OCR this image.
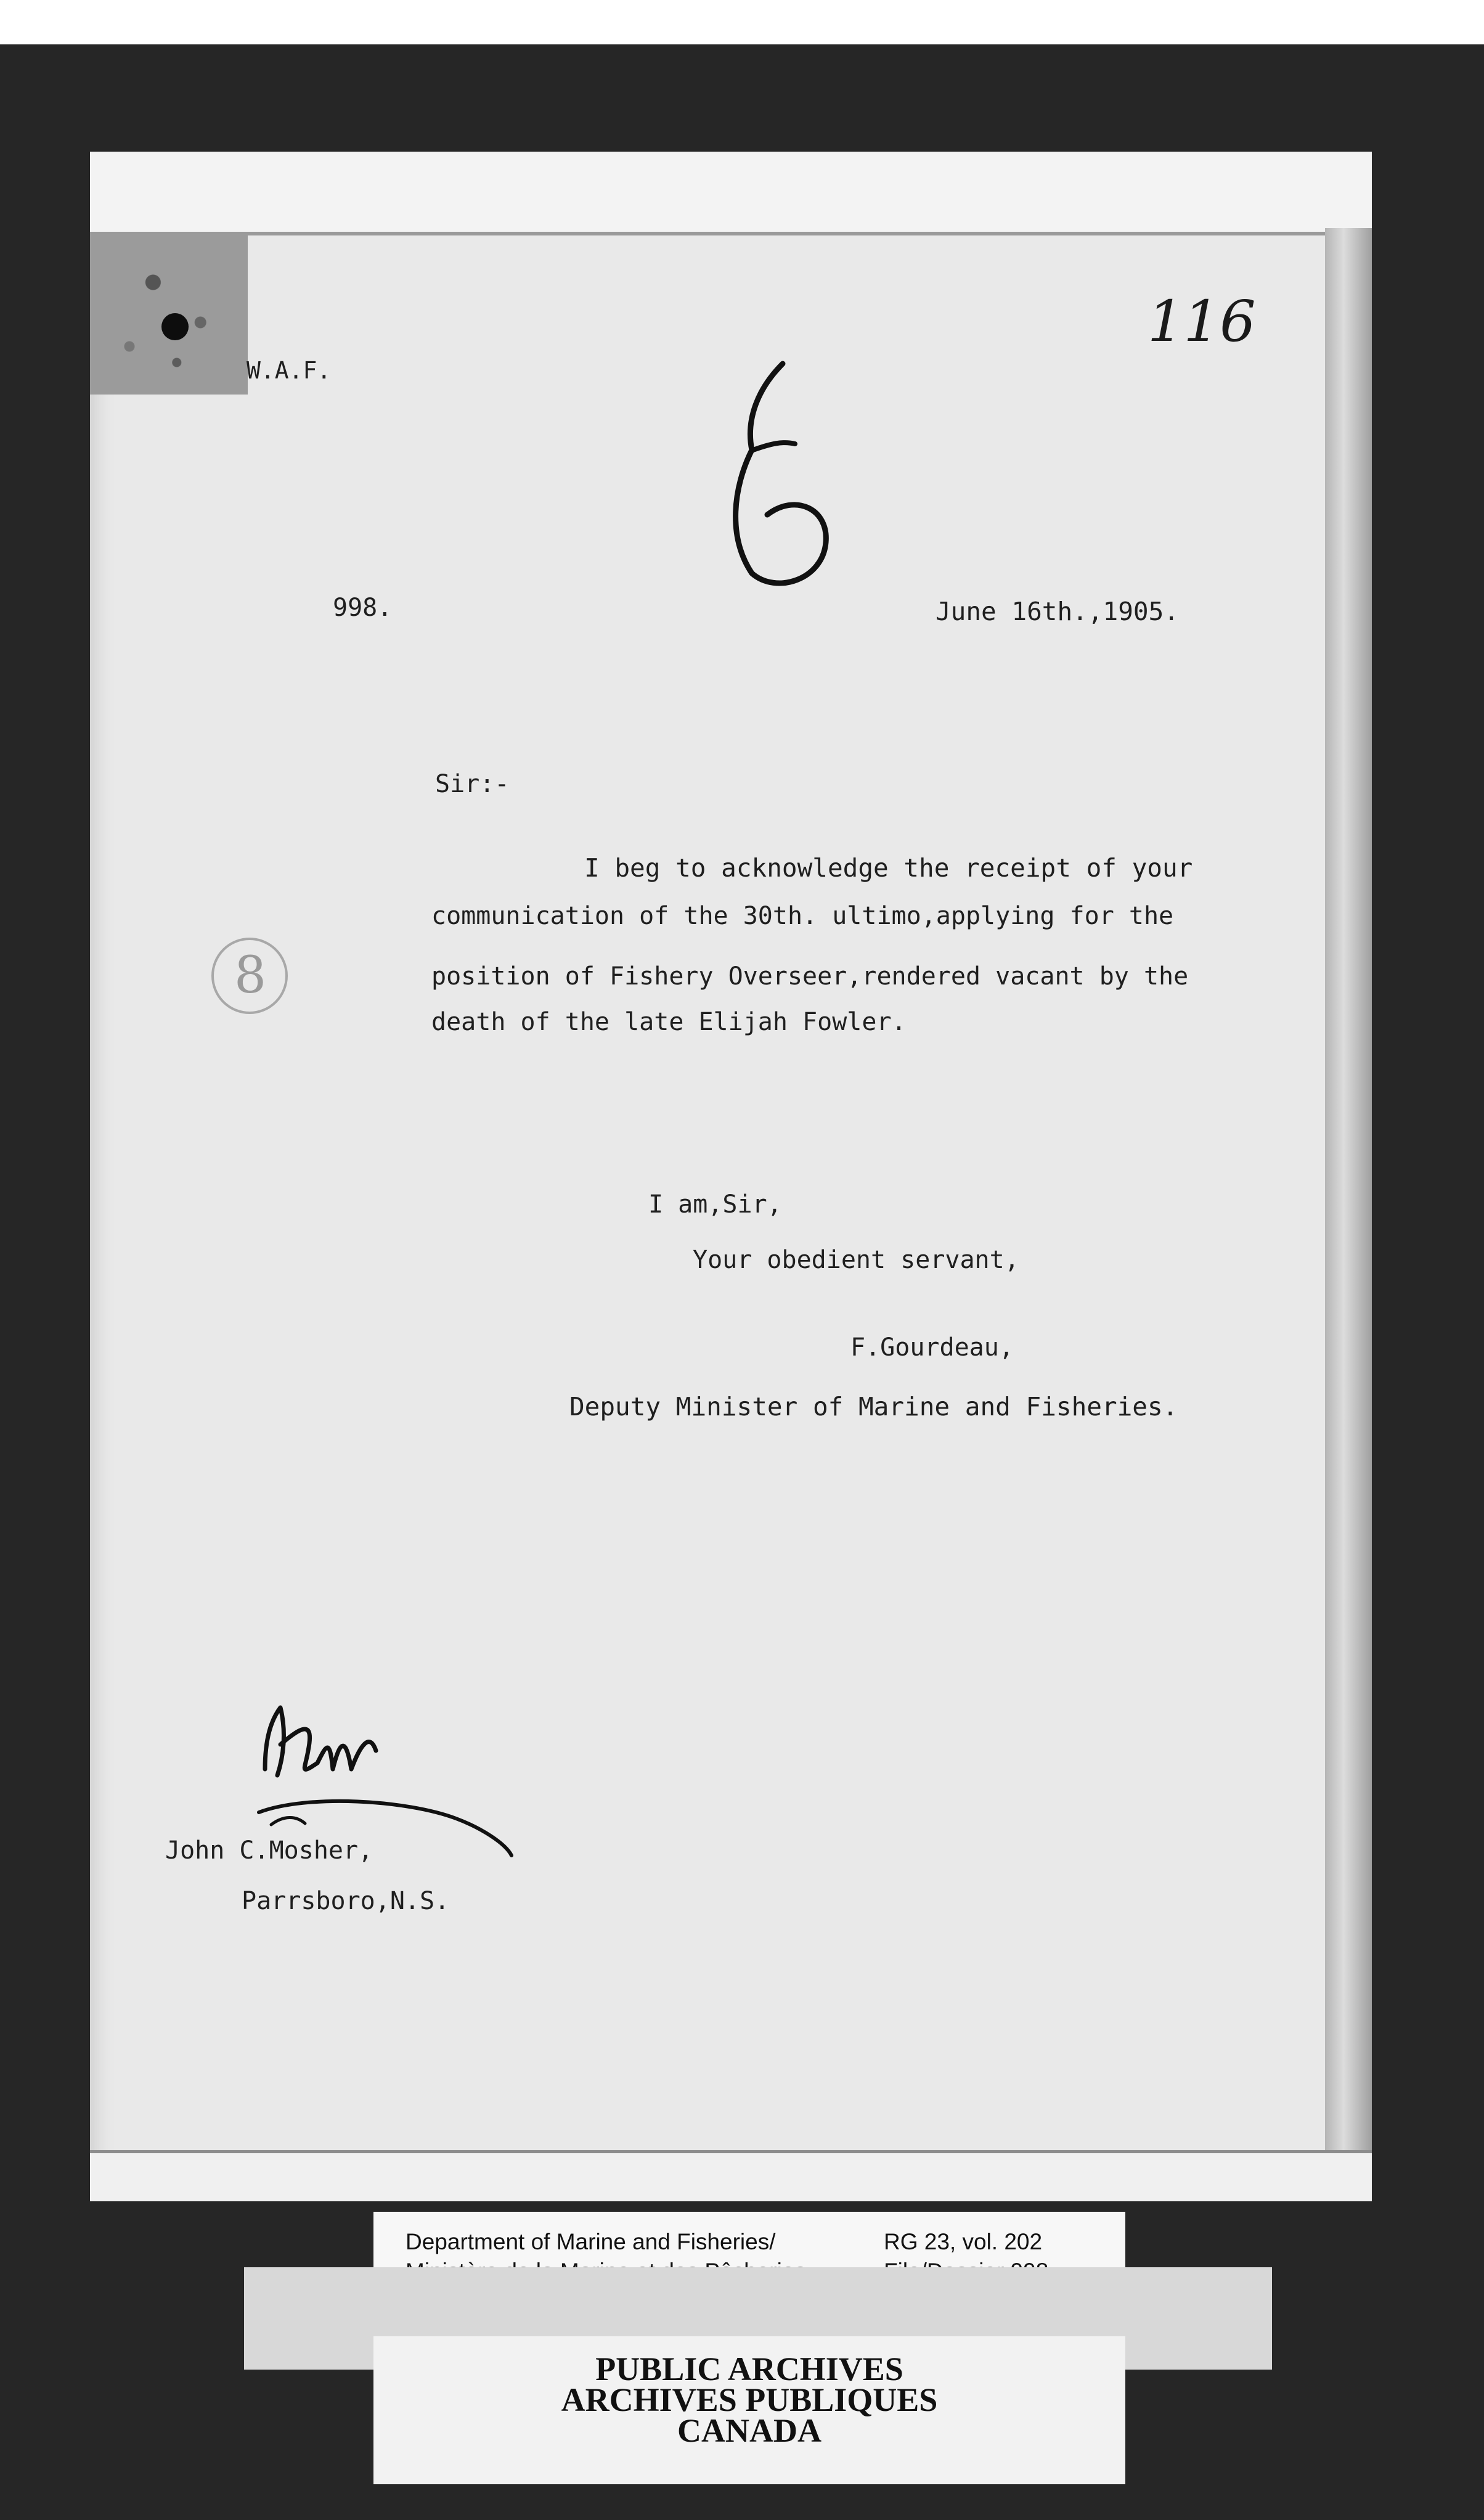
W.A.F.
998.	June 16th.,1905.
Sir:-
I beg to acknowledge the receipt of your
communication of the 30th. ultimo,applying for the
position of Fishery Overseer,rendered vacant by the
death of the late Elijah Fowler.
I am,Sir,
Your obedient servant,
F.Gourdeau,
Deputy Minister of Marine and Fisheries.
John C.Mosher,
Parrsboro,N.S.
116
8
Department of Marine and Fisheries/	RG 23, vol. 202
PUBLIC ARCHIVES
ARCHIVES PUBLIQUES
CANADA
